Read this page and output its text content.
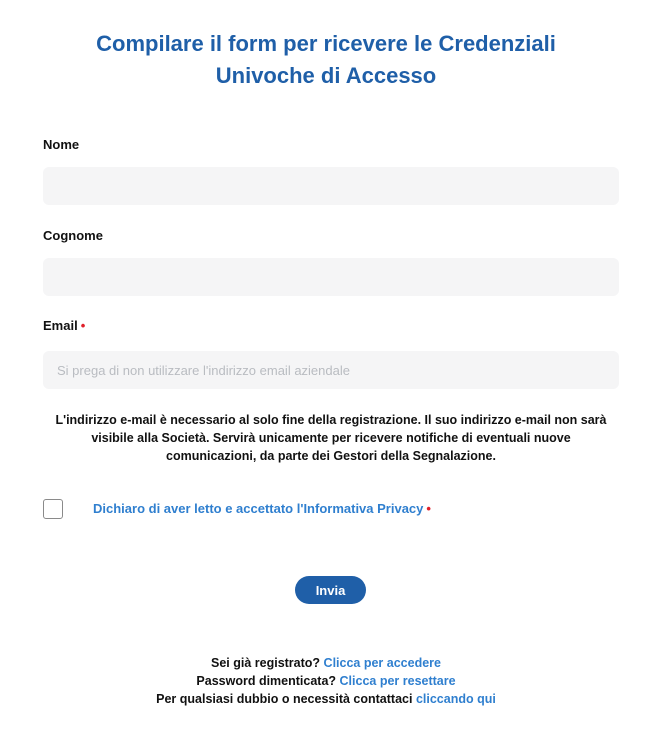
Compilare il form per ricevere le Credenziali
Univoche di Accesso
Nome
Cognome
Email •
Si prega di non utilizzare l'indirizzo email aziendale
L'indirizzo e-mail è necessario al solo fine della registrazione. Il suo indirizzo e-mail non sarà visibile alla Società. Servirà unicamente per ricevere notifiche di eventuali nuove comunicazioni, da parte dei Gestori della Segnalazione.
Dichiaro di aver letto e accettato l'Informativa Privacy •
Invia
Sei già registrato? Clicca per accedere
Password dimenticata? Clicca per resettare
Per qualsiasi dubbio o necessità contattaci cliccando qui
